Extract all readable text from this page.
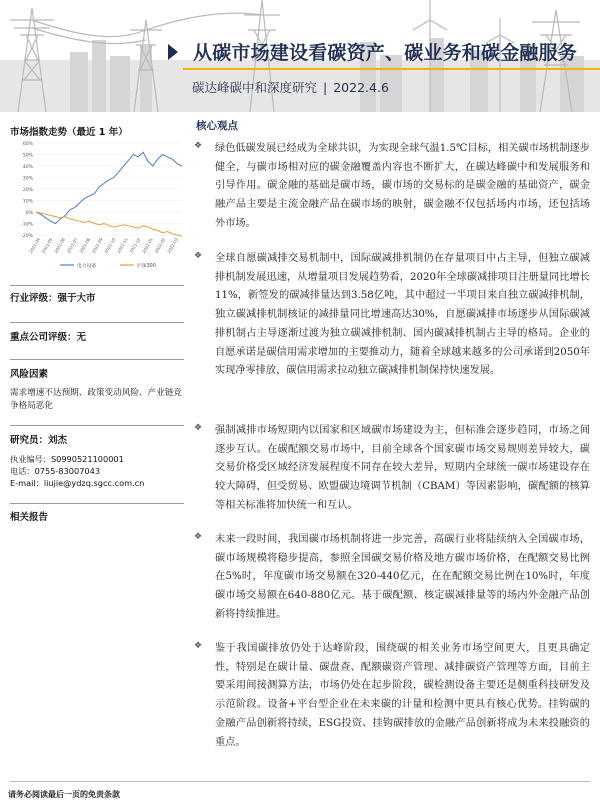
从碳市场建设看碳资产、碳业务和碳金融服务
碳达峰碳中和深度研究 | 2022.4.6
市场指数走势（最近 1 年）
60%
50%
40%
30%
20%
10%
0%
-10%
-20%
2021-04 2021-05 2021-06 2021-07 2021-08 2021-09 2021-10 2021-11 2021-12 2022-01 2022-02 2022-03
电力设备	沪深300
行业评级：强于大市
重点公司评级：无
风险因素
需求增速不达预期、政策变动风险、产业链竞争格局恶化
研究员：刘杰
执业编号：S0990521100001
电话：0755-83007043
E-mail：liujie@ydzq.sgcc.com.cn
相关报告
核心观点
❖	绿色低碳发展已经成为全球共识，为实现全球气温1.5℃目标，相关碳市场机制逐步健全，与碳市场相对应的碳金融覆盖内容也不断扩大，在碳达峰碳中和发展服务和引导作用。碳金融的基础是碳市场，碳市场的交易标的是碳金融的基础资产，碳金融产品主要是主流金融产品在碳市场的映射，碳金融不仅包括场内市场，还包括场外市场。
❖	全球自愿碳减排交易机制中，国际碳减排机制仍在存量项目中占主导，但独立碳减排机制发展迅速，从增量项目发展趋势看，2020年全球碳减排项目注册量同比增长11%，新签发的碳减排量达到3.58亿吨，其中超过一半项目来自独立碳减排机制，独立碳减排机制核证的减排量同比增速高达30%，自愿碳减排市场逐步从国际碳减排机制占主导逐渐过渡为独立碳减排机制、国内碳减排机制占主导的格局。企业的自愿承诺是碳信用需求增加的主要推动力，随着全球越来越多的公司承诺到2050年实现净零排放，碳信用需求拉动独立碳减排机制保持快速发展。
❖	强制减排市场短期内以国家和区域碳市场建设为主，但标准会逐步趋同，市场之间逐步互认。在碳配额交易市场中，目前全球各个国家碳市场交易规则差异较大，碳交易价格受区域经济发展程度不同存在较大差异，短期内全球统一碳市场建设存在较大障碍，但受贸易、欧盟碳边境调节机制（CBAM）等因素影响，碳配额的核算等相关标准将加快统一和互认。
❖	未来一段时间，我国碳市场机制将进一步完善，高碳行业将陆续纳入全国碳市场，碳市场规模将稳步提高，参照全国碳交易价格及地方碳市场价格，在配额交易比例在5%时，年度碳市场交易额在320-440亿元，在在配额交易比例在10%时，年度碳市场交易额在640-880亿元。基于碳配额、核定碳减排量等的场内外金融产品创新将持续推进。
❖	鉴于我国碳排放仍处于达峰阶段，围绕碳的相关业务市场空间更大，且更具确定性，特别是在碳计量、碳盘查、配额碳资产管理、减排碳资产管理等方面，目前主要采用间接测算方法，市场仍处在起步阶段，碳检测设备主要还是侧重科技研发及示范阶段。设备+平台型企业在未来碳的计量和检测中更具有核心优势。挂钩碳的金融产品创新将持续，ESG投资、挂钩碳排放的金融产品创新将成为未来投融资的重点。
请务必阅读最后一页的免责条款
